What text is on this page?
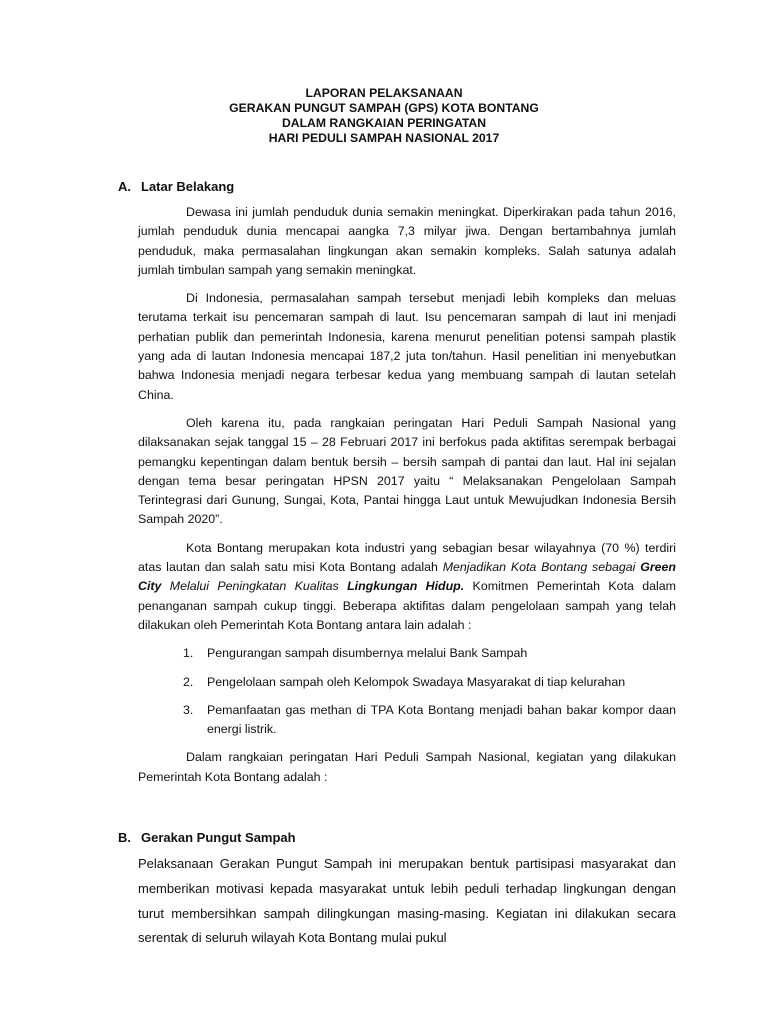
LAPORAN PELAKSANAAN
GERAKAN PUNGUT SAMPAH (GPS) KOTA BONTANG
DALAM RANGKAIAN PERINGATAN
HARI PEDULI SAMPAH NASIONAL 2017
A. Latar Belakang

Dewasa ini jumlah penduduk dunia semakin meningkat. Diperkirakan pada tahun 2016, jumlah penduduk dunia mencapai aangka 7,3 milyar jiwa. Dengan bertambahnya jumlah penduduk, maka permasalahan lingkungan akan semakin kompleks. Salah satunya adalah jumlah timbulan sampah yang semakin meningkat.

Di Indonesia, permasalahan sampah tersebut menjadi lebih kompleks dan meluas terutama terkait isu pencemaran sampah di laut. Isu pencemaran sampah di laut ini menjadi perhatian publik dan pemerintah Indonesia, karena menurut penelitian potensi sampah plastik yang ada di lautan Indonesia mencapai 187,2 juta ton/tahun. Hasil penelitian ini menyebutkan bahwa Indonesia menjadi negara terbesar kedua yang membuang sampah di lautan setelah China.

Oleh karena itu, pada rangkaian peringatan Hari Peduli Sampah Nasional yang dilaksanakan sejak tanggal 15 – 28 Februari 2017 ini berfokus pada aktifitas serempak berbagai pemangku kepentingan dalam bentuk bersih – bersih sampah di pantai dan laut. Hal ini sejalan dengan tema besar peringatan HPSN 2017 yaitu “ Melaksanakan Pengelolaan Sampah Terintegrasi dari Gunung, Sungai, Kota, Pantai hingga Laut untuk Mewujudkan Indonesia Bersih Sampah 2020”.

Kota Bontang merupakan kota industri yang sebagian besar wilayahnya (70 %) terdiri atas lautan dan salah satu misi Kota Bontang adalah Menjadikan Kota Bontang sebagai Green City Melalui Peningkatan Kualitas Lingkungan Hidup. Komitmen Pemerintah Kota dalam penanganan sampah cukup tinggi. Beberapa aktifitas dalam pengelolaan sampah yang telah dilakukan oleh Pemerintah Kota Bontang antara lain adalah :

1. Pengurangan sampah disumbernya melalui Bank Sampah
2. Pengelolaan sampah oleh Kelompok Swadaya Masyarakat di tiap kelurahan
3. Pemanfaatan gas methan di TPA Kota Bontang menjadi bahan bakar kompor daan energi listrik.

Dalam rangkaian peringatan Hari Peduli Sampah Nasional, kegiatan yang dilakukan Pemerintah Kota Bontang adalah :

B. Gerakan Pungut Sampah

Pelaksanaan Gerakan Pungut Sampah ini merupakan bentuk partisipasi masyarakat dan memberikan motivasi kepada masyarakat untuk lebih peduli terhadap lingkungan dengan turut membersihkan sampah dilingkungan masing-masing. Kegiatan ini dilakukan secara serentak di seluruh wilayah Kota Bontang mulai pukul
